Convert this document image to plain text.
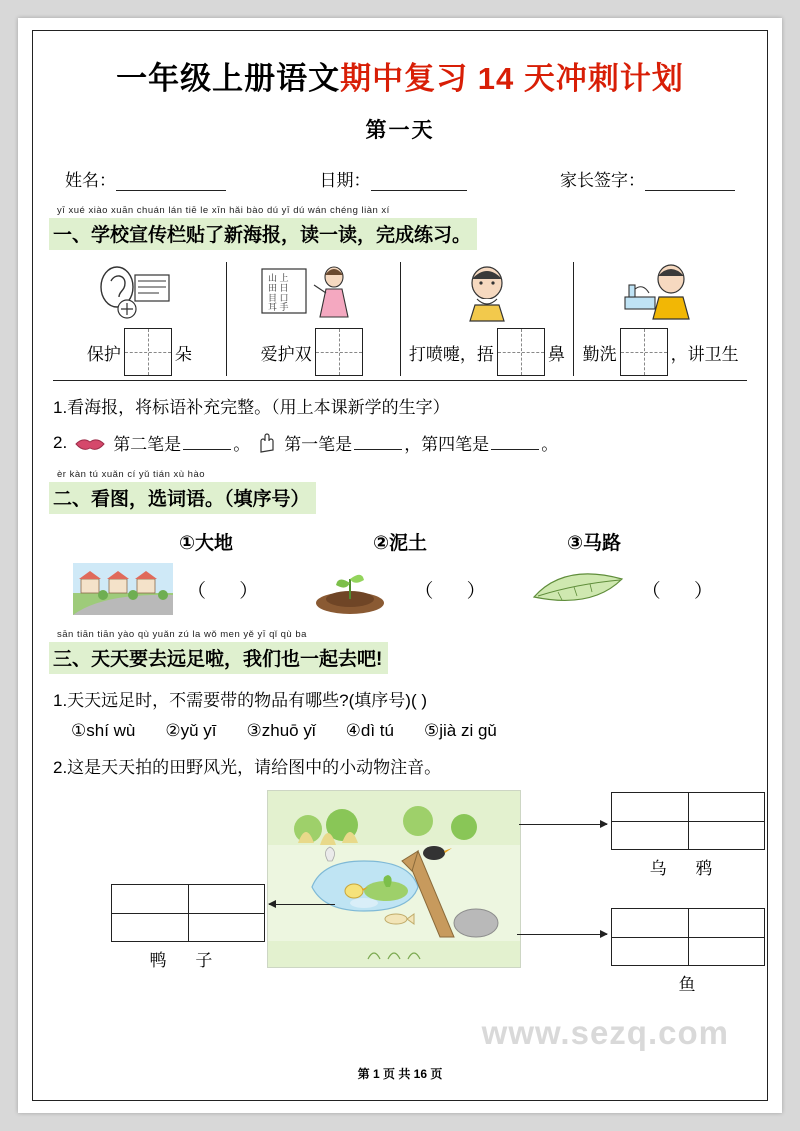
一年级上册语文期中复习 14 天冲刺计划
第一天
姓名：	日期：	家长签字：
yī xué xiào xuān chuán lán tiē le xīn hǎi bào dú yī dú wán chéng liàn xí
一、学校宣传栏贴了新海报，读一读，完成练习。
保护	朵
山 上
田 日
目 口
耳 手
爱护双	打喷嚏，捂	鼻 勤洗	，讲卫生
1.看海报，将标语补充完整。（用上本课新学的生字）
2.	第二笔是	。 第一笔是	，第四笔是	。
èr kàn tú xuǎn cí yǔ tián xù hào
二、看图，选词语。（填序号）
①大地	②泥土	③马路
（ ）	（ ）	（ ）
sān tiān tiān yào qù yuǎn zú la wǒ men yě yī qǐ qù ba
三、天天要去远足啦，我们也一起去吧!
1.天天远足时，不需要带的物品有哪些?(填序号)( )
①shí wù ②yǔ yī ③zhuō yǐ ④dì tú ⑤jià zi gǔ
2.这是天天拍的田野风光，请给图中的小动物注音。
乌 鸦
鸭 子
鱼
www.sezq.com
第 1 页 共 16 页
